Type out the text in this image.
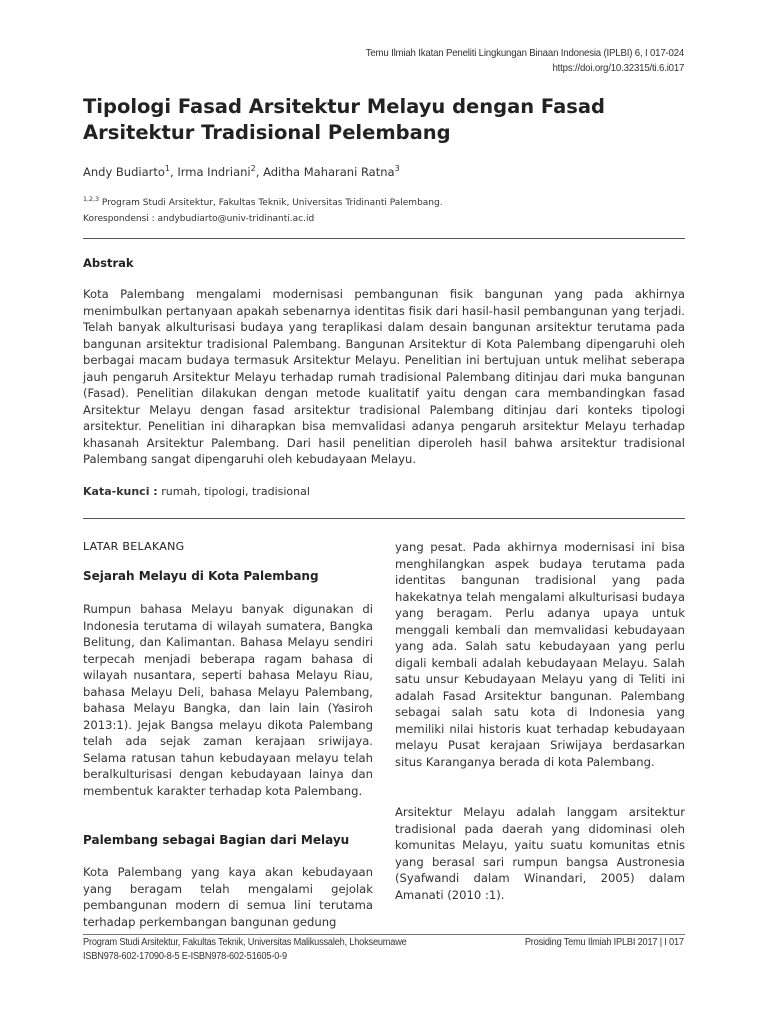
Temu Ilmiah Ikatan Peneliti Lingkungan Binaan Indonesia (IPLBI) 6, I 017-024
https://doi.org/10.32315/ti.6.i017
Tipologi Fasad Arsitektur Melayu dengan Fasad Arsitektur Tradisional Pelembang
Andy Budiarto$^1$, Irma Indriani$^2$, Aditha Maharani Ratna$^3$
$^{1,2,3}$ Program Studi Arsitektur, Fakultas Teknik, Universitas Tridinanti Palembang.
Korespondensi : andybudiarto@univ-tridinanti.ac.id
Abstrak
Kota Palembang mengalami modernisasi pembangunan fisik bangunan yang pada akhirnya menimbulkan pertanyaan apakah sebenarnya identitas fisik dari hasil-hasil pembangunan yang terjadi. Telah banyak alkulturisasi budaya yang teraplikasi dalam desain bangunan arsitektur terutama pada bangunan arsitektur tradisional Palembang. Bangunan Arsitektur di Kota Palembang dipengaruhi oleh berbagai macam budaya termasuk Arsitektur Melayu. Penelitian ini bertujuan untuk melihat seberapa jauh pengaruh Arsitektur Melayu terhadap rumah tradisional Palembang ditinjau dari muka bangunan (Fasad). Penelitian dilakukan dengan metode kualitatif yaitu dengan cara membandingkan fasad Arsitektur Melayu dengan fasad arsitektur tradisional Palembang ditinjau dari konteks tipologi arsitektur. Penelitian ini diharapkan bisa memvalidasi adanya pengaruh arsitektur Melayu terhadap khasanah Arsitektur Palembang. Dari hasil penelitian diperoleh hasil bahwa arsitektur tradisional Palembang sangat dipengaruhi oleh kebudayaan Melayu.
Kata-kunci : rumah, tipologi, tradisional
LATAR BELAKANG
Sejarah Melayu di Kota Palembang
Rumpun bahasa Melayu banyak digunakan di Indonesia terutama di wilayah sumatera, Bangka Belitung, dan Kalimantan. Bahasa Melayu sendiri terpecah menjadi beberapa ragam bahasa di wilayah nusantara, seperti bahasa Melayu Riau, bahasa Melayu Deli, bahasa Melayu Palembang, bahasa Melayu Bangka, dan lain lain (Yasiroh 2013:1). Jejak Bangsa melayu dikota Palembang telah ada sejak zaman kerajaan sriwijaya. Selama ratusan tahun kebudayaan melayu telah beralkulturisasi dengan kebudayaan lainya dan membentuk karakter terhadap kota Palembang.
Palembang sebagai Bagian dari Melayu
Kota Palembang yang kaya akan kebudayaan yang beragam telah mengalami gejolak pembangunan modern di semua lini terutama terhadap perkembangan bangunan gedung
yang pesat. Pada akhirnya modernisasi ini bisa menghilangkan aspek budaya terutama pada identitas bangunan tradisional yang pada hakekatnya telah mengalami alkulturisasi budaya yang beragam. Perlu adanya upaya untuk menggali kembali dan memvalidasi kebudayaan yang ada. Salah satu kebudayaan yang perlu digali kembali adalah kebudayaan Melayu. Salah satu unsur Kebudayaan Melayu yang di Teliti ini adalah Fasad Arsitektur bangunan. Palembang sebagai salah satu kota di Indonesia yang memiliki nilai historis kuat terhadap kebudayaan melayu Pusat kerajaan Sriwijaya berdasarkan situs Karanganya berada di kota Palembang.
Arsitektur Melayu adalah langgam arsitektur tradisional pada daerah yang didominasi oleh komunitas Melayu, yaitu suatu komunitas etnis yang berasal sari rumpun bangsa Austronesia (Syafwandi dalam Winandari, 2005) dalam Amanati (2010 :1).
Program Studi Arsitektur, Fakultas Teknik, Universitas Malikussaleh, Lhokseumawe
ISBN978-602-17090-8-5 E-ISBN978-602-51605-0-9
Prosiding Temu Ilmiah IPLBI 2017 | I 017
